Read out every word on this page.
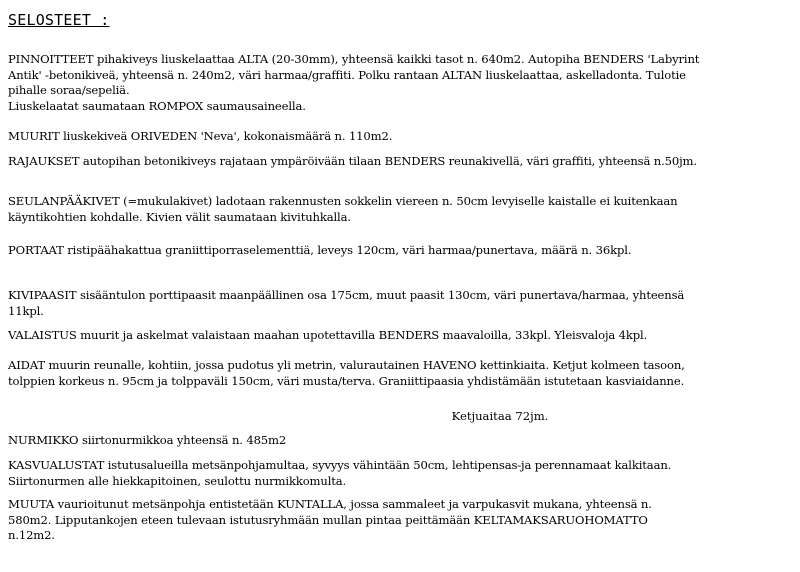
SELOSTEET :

PINNOITTEET pihakiveys liuskelaattaa ALTA (20-30mm), yhteensä kaikki tasot n. 640m2. Autopiha BENDERS 'Labyrint
Antik' -betonikiveä, yhteensä n. 240m2, väri harmaa/graffiti. Polku rantaan ALTAN liuskelaattaa, askelladonta. Tulotie
pihalle soraa/sepeliä.
Liuskelaatat saumataan ROMPOX saumausaineella.

MUURIT liuskekiveä ORIVEDEN 'Neva', kokonaismäärä n. 110m2.

RAJAUKSET autopihan betonikiveys rajataan ympäröivään tilaan BENDERS reunakivellä, väri graffiti, yhteensä n.50jm.

SEULANPÄÄKIVET (=mukulakivet) ladotaan rakennusten sokkelin viereen n. 50cm levyiselle kaistalle ei kuitenkaan
käyntikohtien kohdalle. Kivien välit saumataan kivituhkalla.

PORTAAT ristipäähakattua graniittiporraselementtiä, leveys 120cm, väri harmaa/punertava, määrä n. 36kpl.

KIVIPAASIT sisääntulon porttipaasit maanpäällinen osa 175cm, muut paasit 130cm, väri punertava/harmaa, yhteensä
11kpl.

VALAISTUS muurit ja askelmat valaistaan maahan upotettavilla BENDERS maavaloilla, 33kpl. Yleisvaloja 4kpl.

AIDAT muurin reunalle, kohtiin, jossa pudotus yli metrin, valurautainen HAVENO kettinkiaita. Ketjut kolmeen tasoon,
tolppien korkeus n. 95cm ja tolppaväli 150cm, väri musta/terva. Graniittipaasia yhdistämään istutetaan kasviaidanne.

Ketjuaitaa 72jm.

NURMIKKO siirtonurmikkoa yhteensä n. 485m2

KASVUALUSTAT istutusalueilla metsänpohjamultaa, syvyys vähintään 50cm, lehtipensas-ja perennamaat kalkitaan.
Siirtonurmen alle hiekkapitoinen, seulottu nurmikkomulta.

MUUTA vaurioitunut metsänpohja entistetään KUNTALLA, jossa sammaleet ja varpukasvit mukana, yhteensä n.
580m2. Lipputankojen eteen tulevaan istutusryhmään mullan pintaa peittämään KELTAMAKSARUOHOMATTO
n.12m2.
